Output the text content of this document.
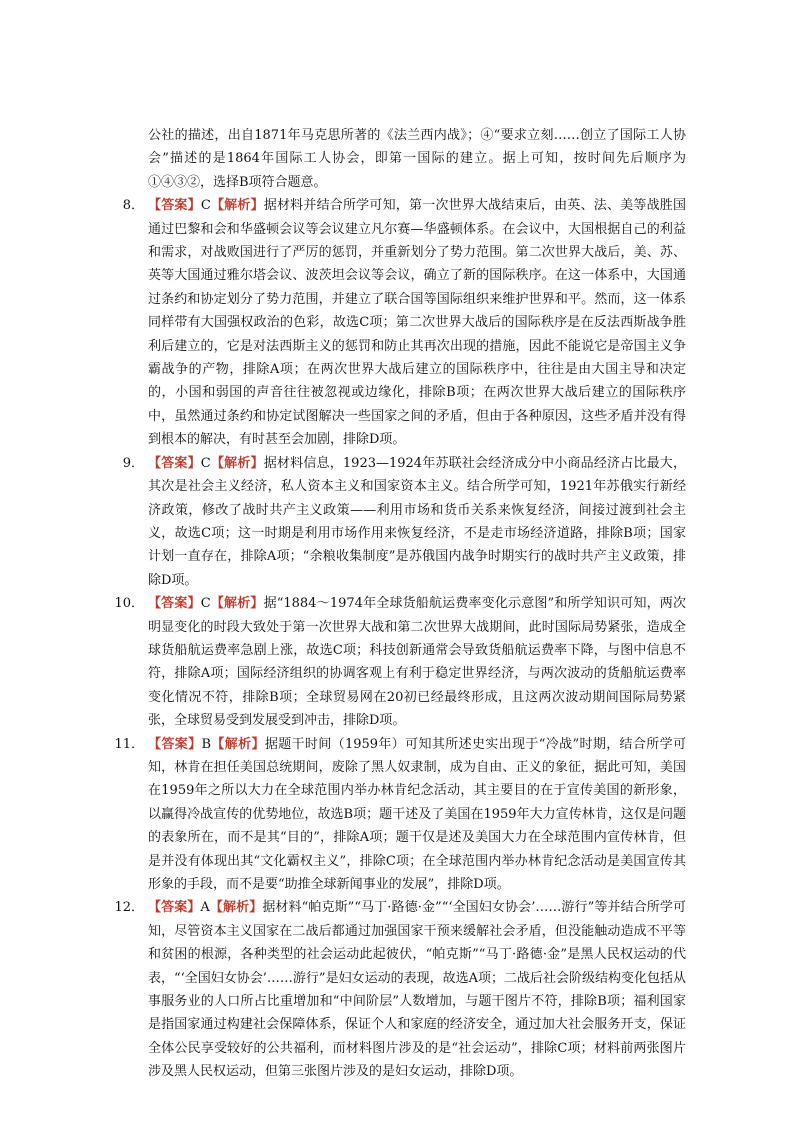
公社的描述，出自1871年马克思所著的《法兰西内战》；④“要求立刻……创立了国际工人协会”描述的是1864年国际工人协会，即第一国际的建立。据上可知，按时间先后顺序为①④③②，选择B项符合题意。

8． 【答案】C【解析】据材料并结合所学可知，第一次世界大战结束后，由英、法、美等战胜国通过巴黎和会和华盛顿会议等会议建立凡尔赛—华盛顿体系。在会议中，大国根据自己的利益和需求，对战败国进行了严厉的惩罚，并重新划分了势力范围。第二次世界大战后，美、苏、英等大国通过雅尔塔会议、波茨坦会议等会议，确立了新的国际秩序。在这一体系中，大国通过条约和协定划分了势力范围，并建立了联合国等国际组织来维护世界和平。然而，这一体系同样带有大国强权政治的色彩，故选C项；第二次世界大战后的国际秩序是在反法西斯战争胜利后建立的，它是对法西斯主义的惩罚和防止其再次出现的措施，因此不能说它是帝国主义争霸战争的产物，排除A项；在两次世界大战后建立的国际秩序中，往往是由大国主导和决定的，小国和弱国的声音往往被忽视或边缘化，排除B项；在两次世界大战后建立的国际秩序中，虽然通过条约和协定试图解决一些国家之间的矛盾，但由于各种原因，这些矛盾并没有得到根本的解决，有时甚至会加剧，排除D项。
9． 【答案】C【解析】据材料信息，1923—1924年苏联社会经济成分中小商品经济占比最大，其次是社会主义经济，私人资本主义和国家资本主义。结合所学可知，1921年苏俄实行新经济政策，修改了战时共产主义政策——利用市场和货币关系来恢复经济，间接过渡到社会主义，故选C项；这一时期是利用市场作用来恢复经济，不是走市场经济道路，排除B项；国家计划一直存在，排除A项；“余粮收集制度”是苏俄国内战争时期实行的战时共产主义政策，排除D项。
10． 【答案】C【解析】据“1884～1974年全球货船航运费率变化示意图”和所学知识可知，两次明显变化的时段大致处于第一次世界大战和第二次世界大战期间，此时国际局势紧张，造成全球货船航运费率急剧上涨，故选C项；科技创新通常会导致货船航运费率下降，与图中信息不符，排除A项；国际经济组织的协调客观上有利于稳定世界经济，与两次波动的货船航运费率变化情况不符，排除B项；全球贸易网在20初已经最终形成，且这两次波动期间国际局势紧张，全球贸易受到发展受到冲击，排除D项。
11． 【答案】B【解析】据题干时间（1959年）可知其所述史实出现于“冷战”时期，结合所学可知，林肯在担任美国总统期间，废除了黑人奴隶制，成为自由、正义的象征，据此可知，美国在1959年之所以大力在全球范围内举办林肯纪念活动，其主要目的在于宣传美国的新形象，以赢得冷战宣传的优势地位，故选B项；题干述及了美国在1959年大力宣传林肯，这仅是问题的表象所在，而不是其“目的”，排除A项；题干仅是述及美国大力在全球范围内宣传林肯，但是并没有体现出其“文化霸权主义”，排除C项；在全球范围内举办林肯纪念活动是美国宣传其形象的手段，而不是要“助推全球新闻事业的发展”，排除D项。
12． 【答案】A【解析】据材料“帕克斯”“马丁·路德·金”“‘全国妇女协会’……游行”等并结合所学可知，尽管资本主义国家在二战后都通过加强国家干预来缓解社会矛盾，但没能触动造成不平等和贫困的根源，各种类型的社会运动此起彼伏，“帕克斯”“马丁·路德·金”是黑人民权运动的代表，“‘全国妇女协会’……游行”是妇女运动的表现，故选A项；二战后社会阶级结构变化包括从事服务业的人口所占比重增加和“中间阶层”人数增加，与题干图片不符，排除B项；福利国家是指国家通过构建社会保障体系，保证个人和家庭的经济安全，通过加大社会服务开支，保证全体公民享受较好的公共福利，而材料图片涉及的是“社会运动”，排除C项；材料前两张图片涉及黑人民权运动，但第三张图片涉及的是妇女运动，排除D项。
